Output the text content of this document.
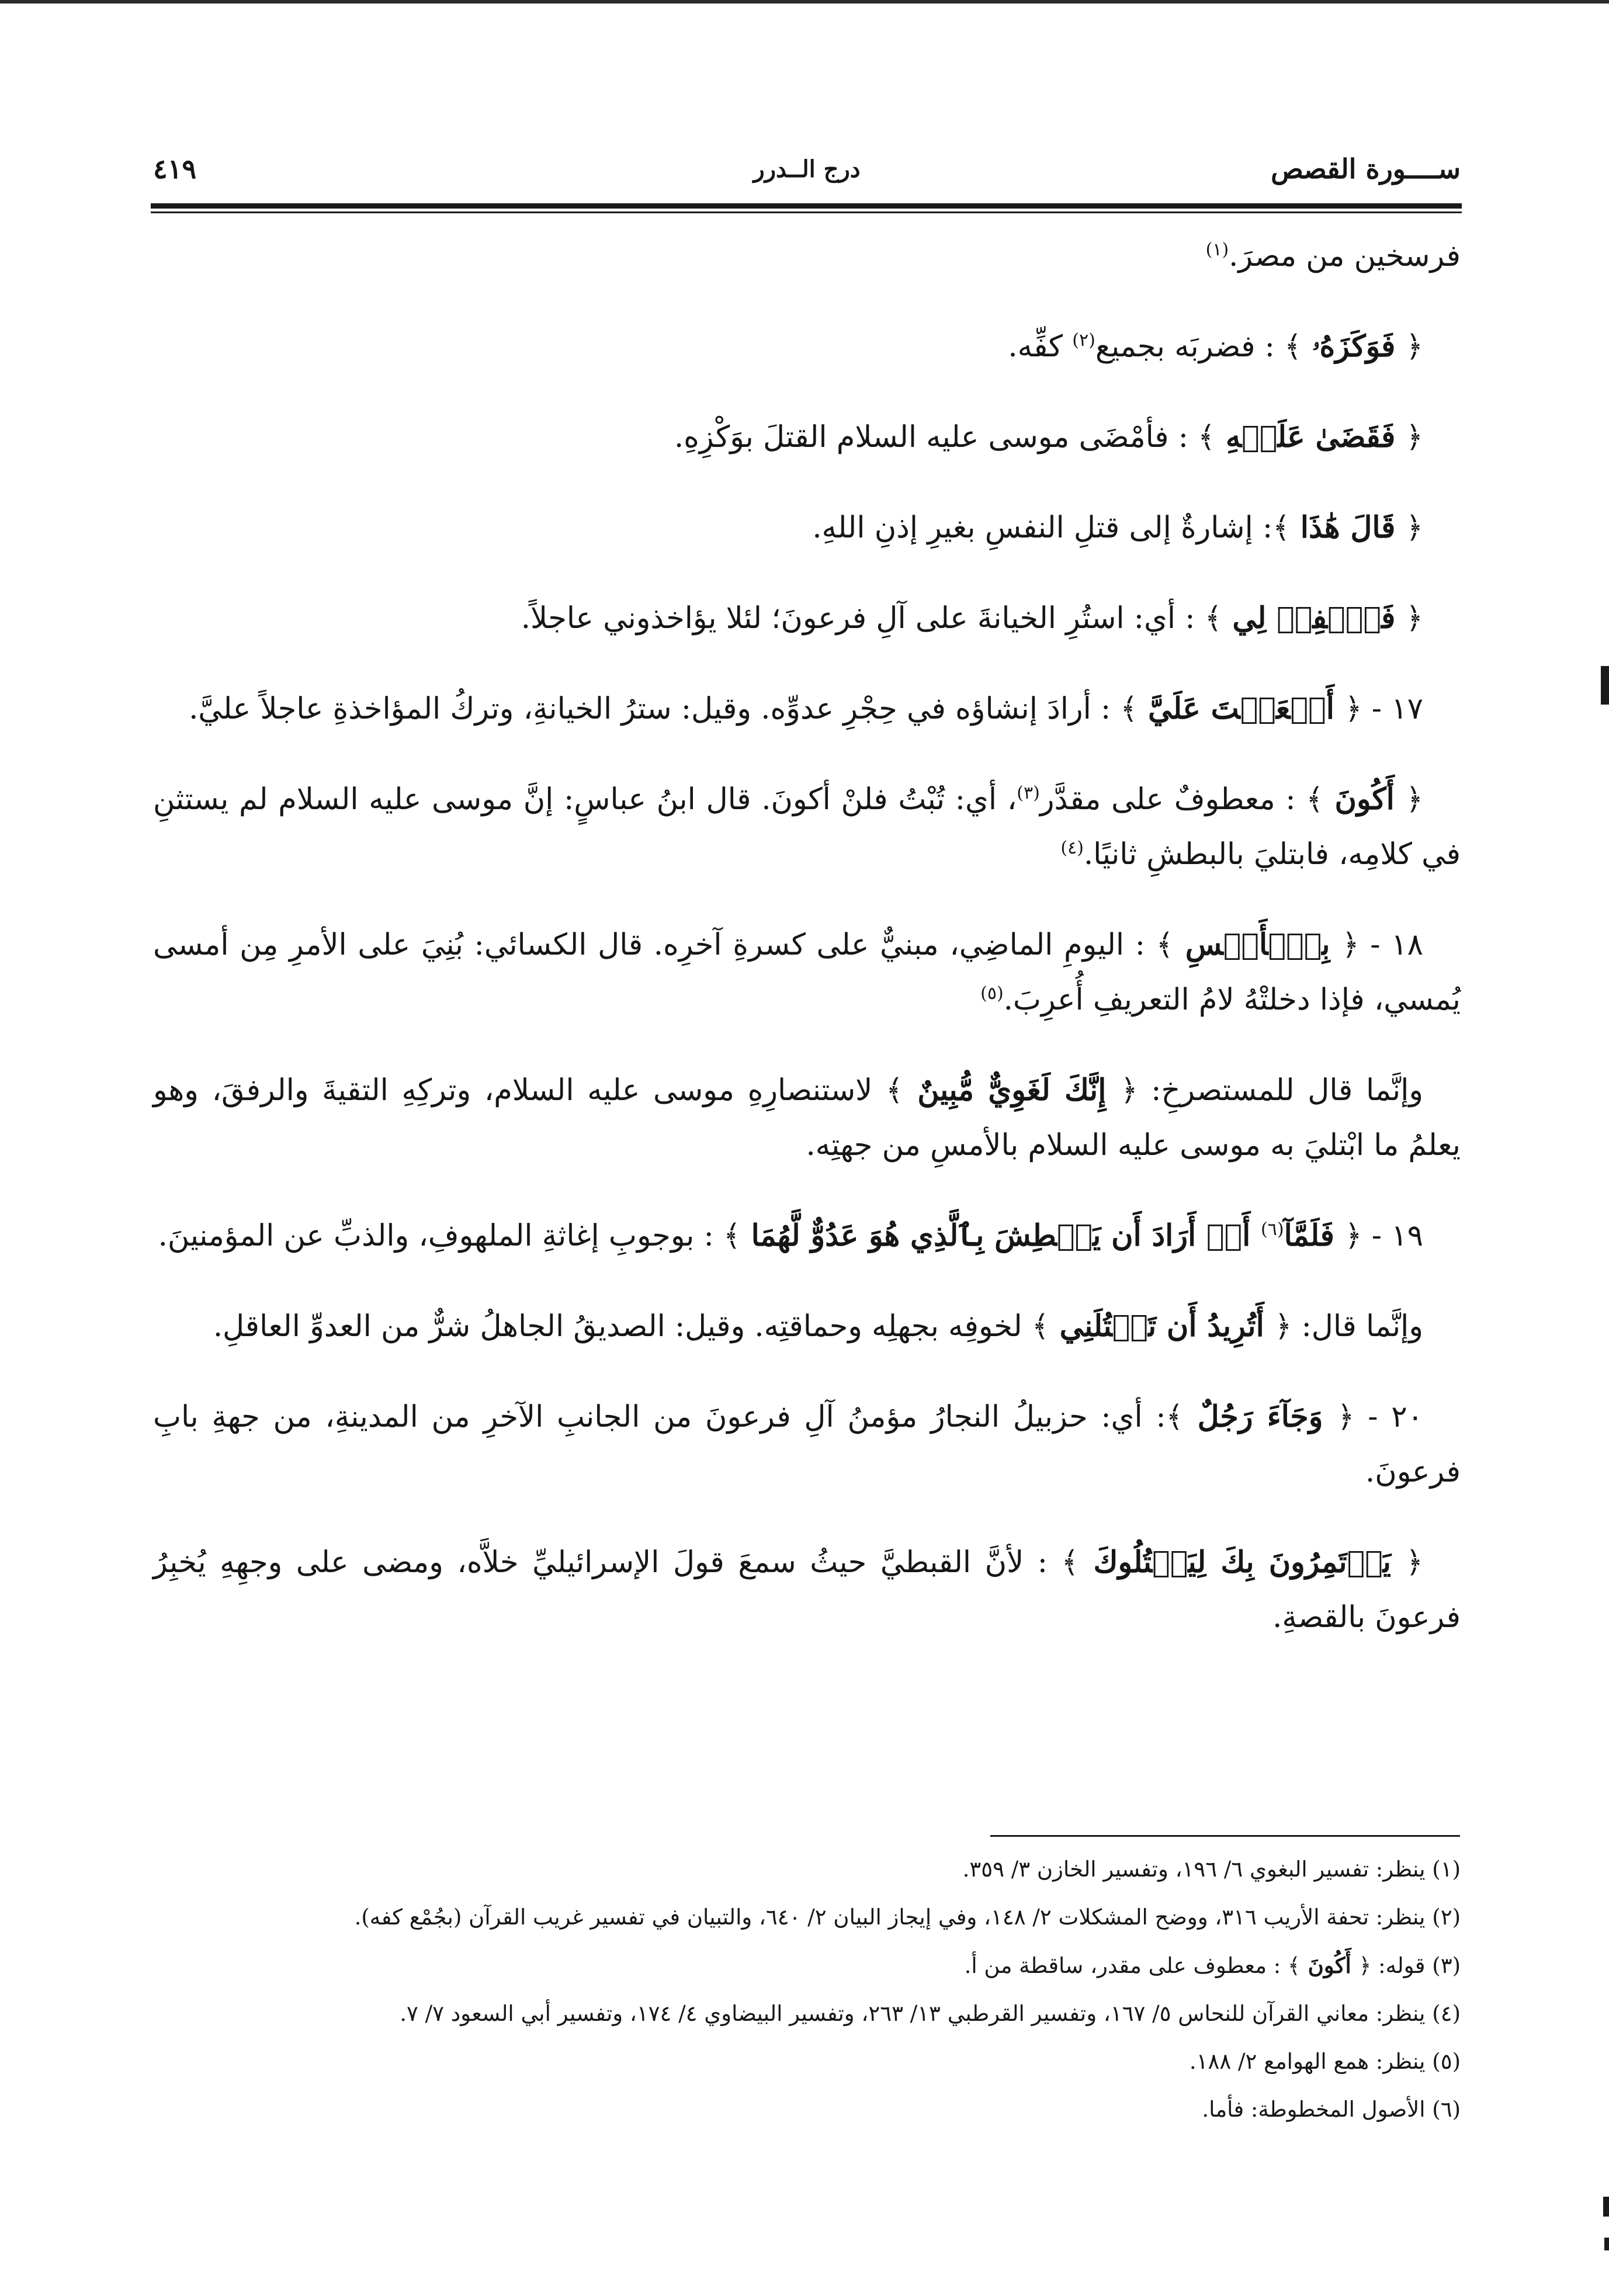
ســــورة القصص
درج الــدرر
٤١٩

فرسخين من مصرَ.$^{(١)}$

﴿ فَوَكَزَهُۥ ﴾ : فضربَه بجميع$^{(٢)}$ كفِّه.

﴿ فَقَضَىٰ عَلَيۡهِ ﴾ : فأمْضَى موسى عليه السلام القتلَ بوَكْزِهِ.

﴿ قَالَ هَٰذَا ﴾: إشارةٌ إلى قتلِ النفسِ بغيرِ إذنِ اللهِ.

﴿ فَٱغۡفِرۡ لِي ﴾ : أي: استُرِ الخيانةَ على آلِ فرعونَ؛ لئلا يؤاخذوني عاجلاً.

١٧ - ﴿ أَنۡعَمۡتَ عَلَيَّ ﴾ : أرادَ إنشاؤه في حِجْرِ عدوِّه. وقيل: سترُ الخيانةِ، وتركُ المؤاخذةِ عاجلاً عليَّ.

﴿ أَكُونَ ﴾ : معطوفٌ على مقدَّر$^{(٣)}$، أي: تُبْتُ فلنْ أكونَ. قال ابنُ عباسٍ: إنَّ موسى عليه السلام لم يستثنِ في كلامِه، فابتليَ بالبطشِ ثانيًا.$^{(٤)}$

١٨ - ﴿ بِٱلۡأَمۡسِ ﴾ : اليومِ الماضِي، مبنيٌّ على كسرةِ آخرِه. قال الكسائي: بُنِيَ على الأمرِ مِن أمسى يُمسي، فإذا دخلتْهُ لامُ التعريفِ أُعرِبَ.$^{(٥)}$

وإنَّما قال للمستصرخِ: ﴿ إِنَّكَ لَغَوِيٌّ مُّبِينٌ ﴾ لاستنصارِهِ موسى عليه السلام، وتركِهِ التقيةَ والرفقَ، وهو يعلمُ ما ابْتليَ به موسى عليه السلام بالأمسِ من جهتِه.

١٩ - ﴿ فَلَمَّآ$^{(٦)}$ أَنۡ أَرَادَ أَن يَبۡطِشَ بِٱلَّذِي هُوَ عَدُوٌّ لَّهُمَا ﴾ : بوجوبِ إغاثةِ الملهوفِ، والذبِّ عن المؤمنينَ.

وإنَّما قال: ﴿ أَتُرِيدُ أَن تَقۡتُلَنِي ﴾ لخوفِه بجهلِه وحماقتِه. وقيل: الصديقُ الجاهلُ شرٌّ من العدوِّ العاقلِ.

٢٠ - ﴿ وَجَآءَ رَجُلٌ ﴾: أي: حزبيلُ النجارُ مؤمنُ آلِ فرعونَ من الجانبِ الآخرِ من المدينةِ، من جهةِ بابِ فرعونَ.

﴿ يَأۡتَمِرُونَ بِكَ لِيَقۡتُلُوكَ ﴾ : لأنَّ القبطيَّ حيثُ سمعَ قولَ الإسرائيليِّ خلاَّه، ومضى على وجهِهِ يُخبِرُ فرعونَ بالقصةِ.

(١) ينظر: تفسير البغوي ٦/ ١٩٦، وتفسير الخازن ٣/ ٣٥٩.
(٢) ينظر: تحفة الأريب ٣١٦، ووضح المشكلات ٢/ ١٤٨، وفي إيجاز البيان ٢/ ٦٤٠، والتبيان في تفسير غريب القرآن (بجُمْع كفه).
(٣) قوله: ﴿ أَكُونَ ﴾ : معطوف على مقدر، ساقطة من أ.
(٤) ينظر: معاني القرآن للنحاس ٥/ ١٦٧، وتفسير القرطبي ١٣/ ٢٦٣، وتفسير البيضاوي ٤/ ١٧٤، وتفسير أبي السعود ٧/ ٧.
(٥) ينظر: همع الهوامع ٢/ ١٨٨.
(٦) الأصول المخطوطة: فأما.
